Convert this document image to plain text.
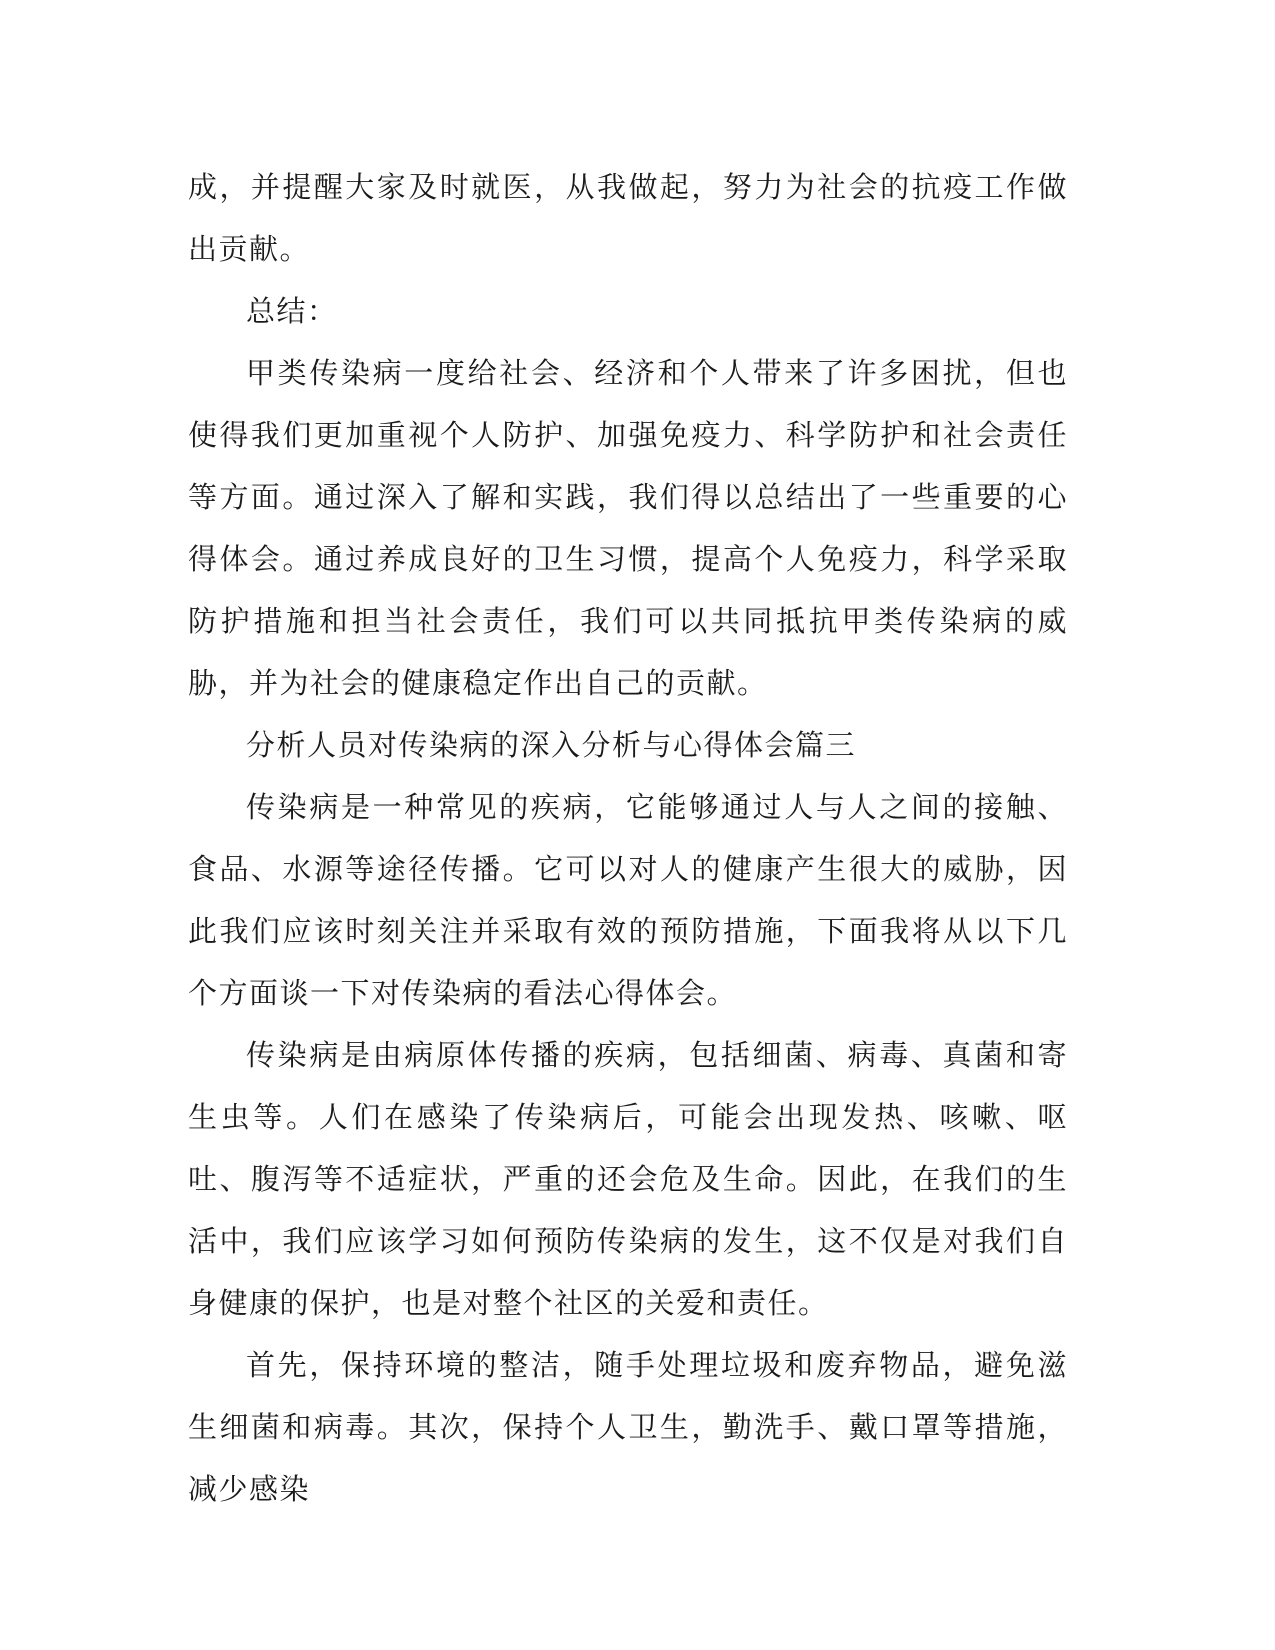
成，并提醒大家及时就医，从我做起，努力为社会的抗疫工作做出贡献。

总结：

甲类传染病一度给社会、经济和个人带来了许多困扰，但也使得我们更加重视个人防护、加强免疫力、科学防护和社会责任等方面。通过深入了解和实践，我们得以总结出了一些重要的心得体会。通过养成良好的卫生习惯，提高个人免疫力，科学采取防护措施和担当社会责任，我们可以共同抵抗甲类传染病的威胁，并为社会的健康稳定作出自己的贡献。

分析人员对传染病的深入分析与心得体会篇三

传染病是一种常见的疾病，它能够通过人与人之间的接触、食品、水源等途径传播。它可以对人的健康产生很大的威胁，因此我们应该时刻关注并采取有效的预防措施，下面我将从以下几个方面谈一下对传染病的看法心得体会。

传染病是由病原体传播的疾病，包括细菌、病毒、真菌和寄生虫等。人们在感染了传染病后，可能会出现发热、咳嗽、呕吐、腹泻等不适症状，严重的还会危及生命。因此，在我们的生活中，我们应该学习如何预防传染病的发生，这不仅是对我们自身健康的保护，也是对整个社区的关爱和责任。

首先，保持环境的整洁，随手处理垃圾和废弃物品，避免滋生细菌和病毒。其次，保持个人卫生，勤洗手、戴口罩等措施，减少感染
